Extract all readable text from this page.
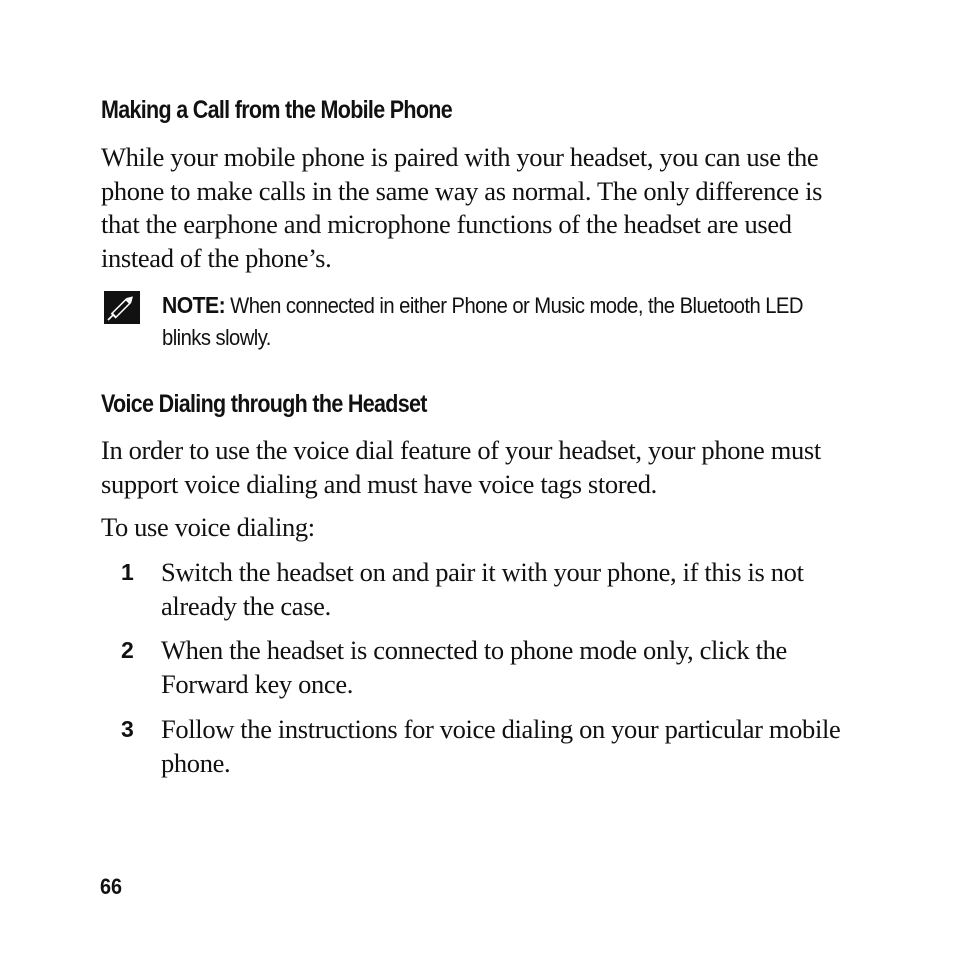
Making a Call from the Mobile Phone

While your mobile phone is paired with your headset, you can use the phone to make calls in the same way as normal. The only difference is that the earphone and microphone functions of the headset are used instead of the phone’s.

NOTE: When connected in either Phone or Music mode, the Bluetooth LED blinks slowly.

Voice Dialing through the Headset

In order to use the voice dial feature of your headset, your phone must support voice dialing and must have voice tags stored.

To use voice dialing:

1 Switch the headset on and pair it with your phone, if this is not already the case.

2 When the headset is connected to phone mode only, click the Forward key once.

3 Follow the instructions for voice dialing on your particular mobile phone.

66
